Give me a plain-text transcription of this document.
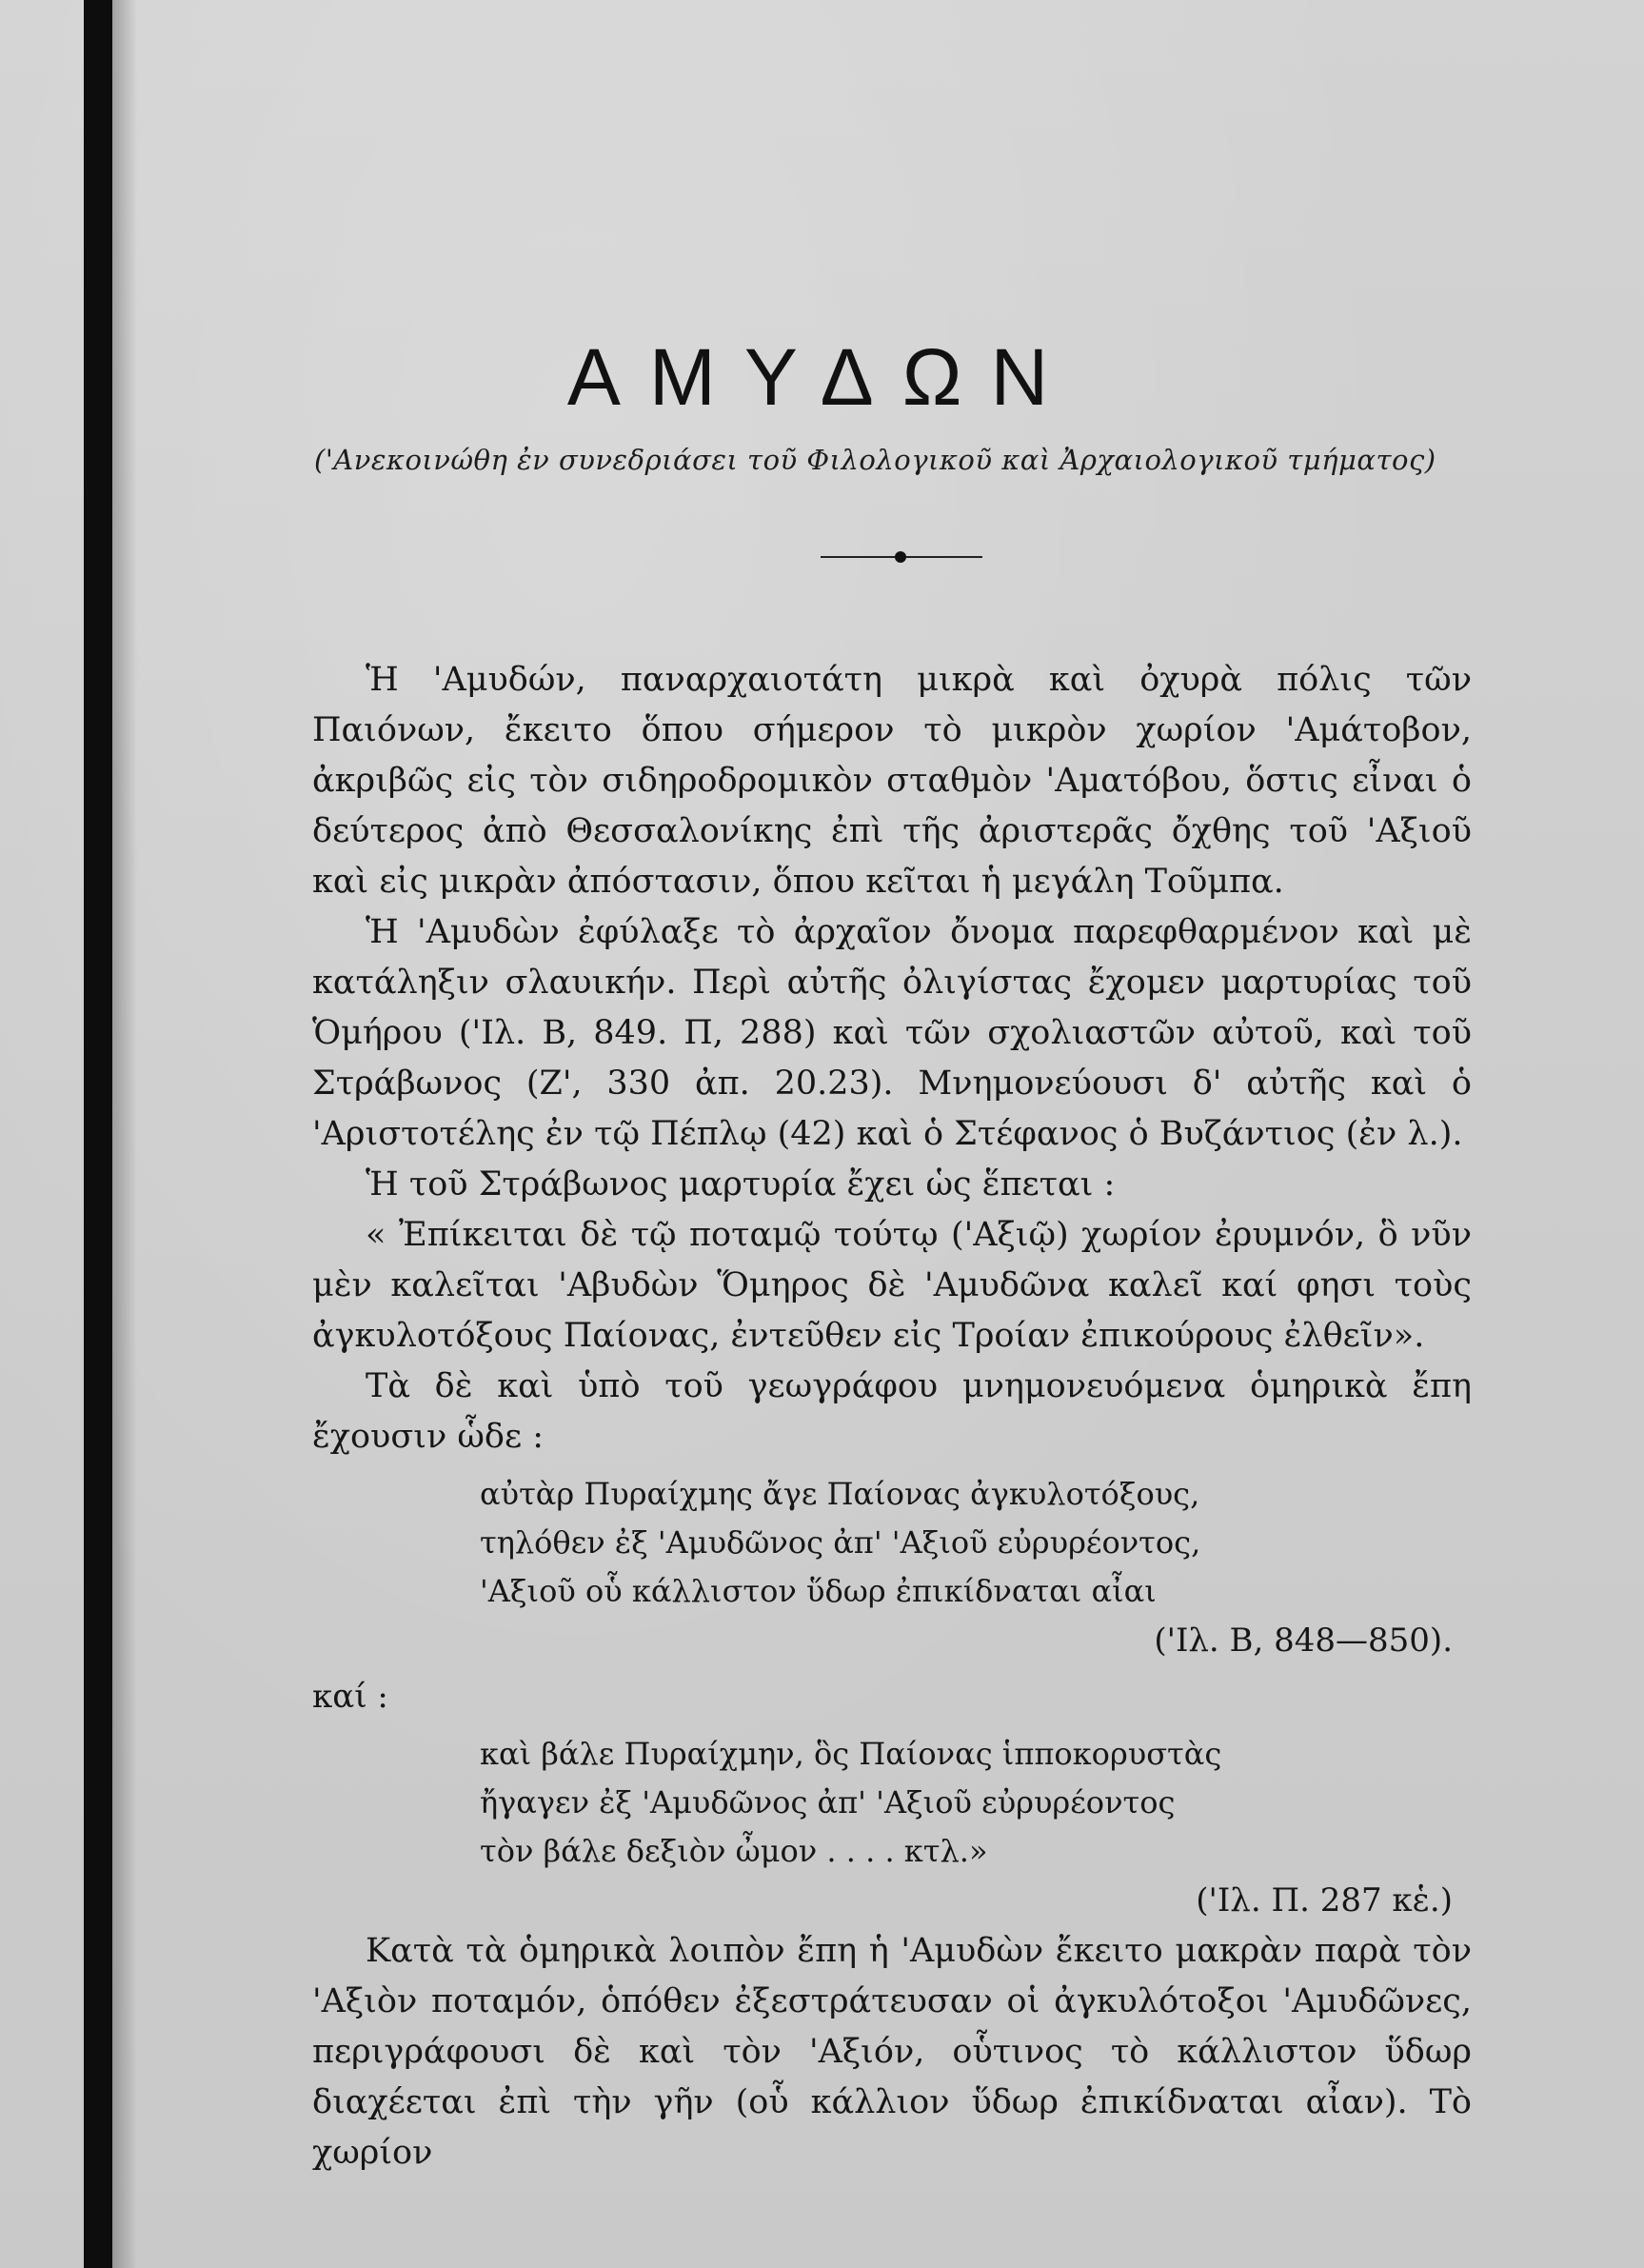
ΑΜΥΔΩΝ
('Ανεκοινώθη ἐν συνεδριάσει τοῦ Φιλολογικοῦ καὶ Ἀρχαιολογικοῦ τμήματος)

Ἡ 'Αμυδών, παναρχαιοτάτη μικρὰ καὶ ὀχυρὰ πόλις τῶν Παιόνων, ἔκειτο ὅπου σήμερον τὸ μικρὸν χωρίον 'Αμάτοβον, ἀκριβῶς εἰς τὸν σιδηροδρομικὸν σταθμὸν 'Αματόβου, ὅστις εἶναι ὁ δεύτερος ἀπὸ Θεσσαλονίκης ἐπὶ τῆς ἀριστερᾶς ὄχθης τοῦ 'Αξιοῦ καὶ εἰς μικρὰν ἀπόστασιν, ὅπου κεῖται ἡ μεγάλη Τοῦμπα.

Ἡ 'Αμυδὼν ἐφύλαξε τὸ ἀρχαῖον ὄνομα παρεφθαρμένον καὶ μὲ κατάληξιν σλαυικήν. Περὶ αὐτῆς ὀλιγίστας ἔχομεν μαρτυρίας τοῦ Ὁμήρου ('Ιλ. Β, 849. Π, 288) καὶ τῶν σχολιαστῶν αὐτοῦ, καὶ τοῦ Στράβωνος (Ζ', 330 ἀπ. 20.23). Μνημονεύουσι δ' αὐτῆς καὶ ὁ 'Αριστοτέλης ἐν τῷ Πέπλῳ (42) καὶ ὁ Στέφανος ὁ Βυζάντιος (ἐν λ.).

Ἡ τοῦ Στράβωνος μαρτυρία ἔχει ὡς ἕπεται :

« Ἐπίκειται δὲ τῷ ποταμῷ τούτῳ ('Αξιῷ) χωρίον ἐρυμνόν, ὃ νῦν μὲν καλεῖται 'Αβυδὼν Ὅμηρος δὲ 'Αμυδῶνα καλεῖ καί φησι τοὺς ἀγκυλοτόξους Παίονας, ἐντεῦθεν εἰς Τροίαν ἐπικούρους ἐλθεῖν».

Τὰ δὲ καὶ ὑπὸ τοῦ γεωγράφου μνημονευόμενα ὁμηρικὰ ἔπη ἔχουσιν ὧδε :

αὐτὰρ Πυραίχμης ἄγε Παίονας ἀγκυλοτόξους,
τηλόθεν ἐξ 'Αμυδῶνος ἀπ' 'Αξιοῦ εὐρυρέοντος,
'Αξιοῦ οὗ κάλλιστον ὕδωρ ἐπικίδναται αἶαι
('Ιλ. Β, 848—850).
καί :
καὶ βάλε Πυραίχμην, ὃς Παίονας ἱπποκορυστὰς
ἤγαγεν ἐξ 'Αμυδῶνος ἀπ' 'Αξιοῦ εὐρυρέοντος
τὸν βάλε δεξιὸν ὦμον . . . . κτλ.»
('Ιλ. Π. 287 κἑ.)

Κατὰ τὰ ὁμηρικὰ λοιπὸν ἔπη ἡ 'Αμυδὼν ἔκειτο μακρὰν παρὰ τὸν 'Αξιὸν ποταμόν, ὁπόθεν ἐξεστράτευσαν οἱ ἀγκυλότοξοι 'Αμυδῶνες, περιγράφουσι δὲ καὶ τὸν 'Αξιόν, οὗτινος τὸ κάλλιστον ὕδωρ διαχέεται ἐπὶ τὴν γῆν (οὗ κάλλιον ὕδωρ ἐπικίδναται αἶαν). Τὸ χωρίον
